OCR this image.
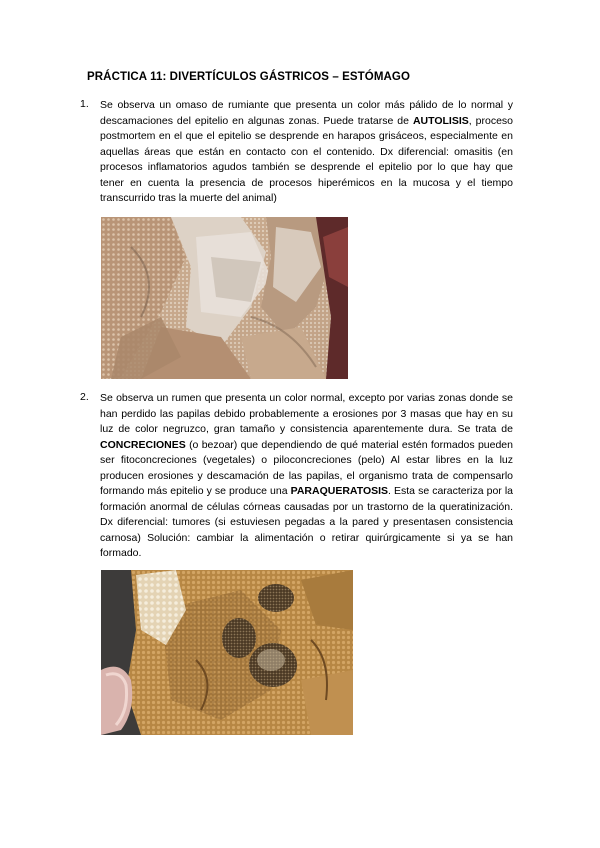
PRÁCTICA 11: DIVERTÍCULOS GÁSTRICOS – ESTÓMAGO
1. Se observa un omaso de rumiante que presenta un color más pálido de lo normal y descamaciones del epitelio en algunas zonas. Puede tratarse de AUTOLISIS, proceso postmortem en el que el epitelio se desprende en harapos grisáceos, especialmente en aquellas áreas que están en contacto con el contenido. Dx diferencial: omasitis (en procesos inflamatorios agudos también se desprende el epitelio por lo que hay que tener en cuenta la presencia de procesos hiperémicos en la mucosa y el tiempo transcurrido tras la muerte del animal)
2. Se observa un rumen que presenta un color normal, excepto por varias zonas donde se han perdido las papilas debido probablemente a erosiones por 3 masas que hay en su luz de color negruzco, gran tamaño y consistencia aparentemente dura. Se trata de CONCRECIONES (o bezoar) que dependiendo de qué material estén formados pueden ser fitoconcreciones (vegetales) o piloconcreciones (pelo) Al estar libres en la luz producen erosiones y descamación de las papilas, el organismo trata de compensarlo formando más epitelio y se produce una PARAQUERATOSIS. Esta se caracteriza por la formación anormal de células córneas causadas por un trastorno de la queratinización. Dx diferencial: tumores (si estuviesen pegadas a la pared y presentasen consistencia carnosa) Solución: cambiar la alimentación o retirar quirúrgicamente si ya se han formado.
